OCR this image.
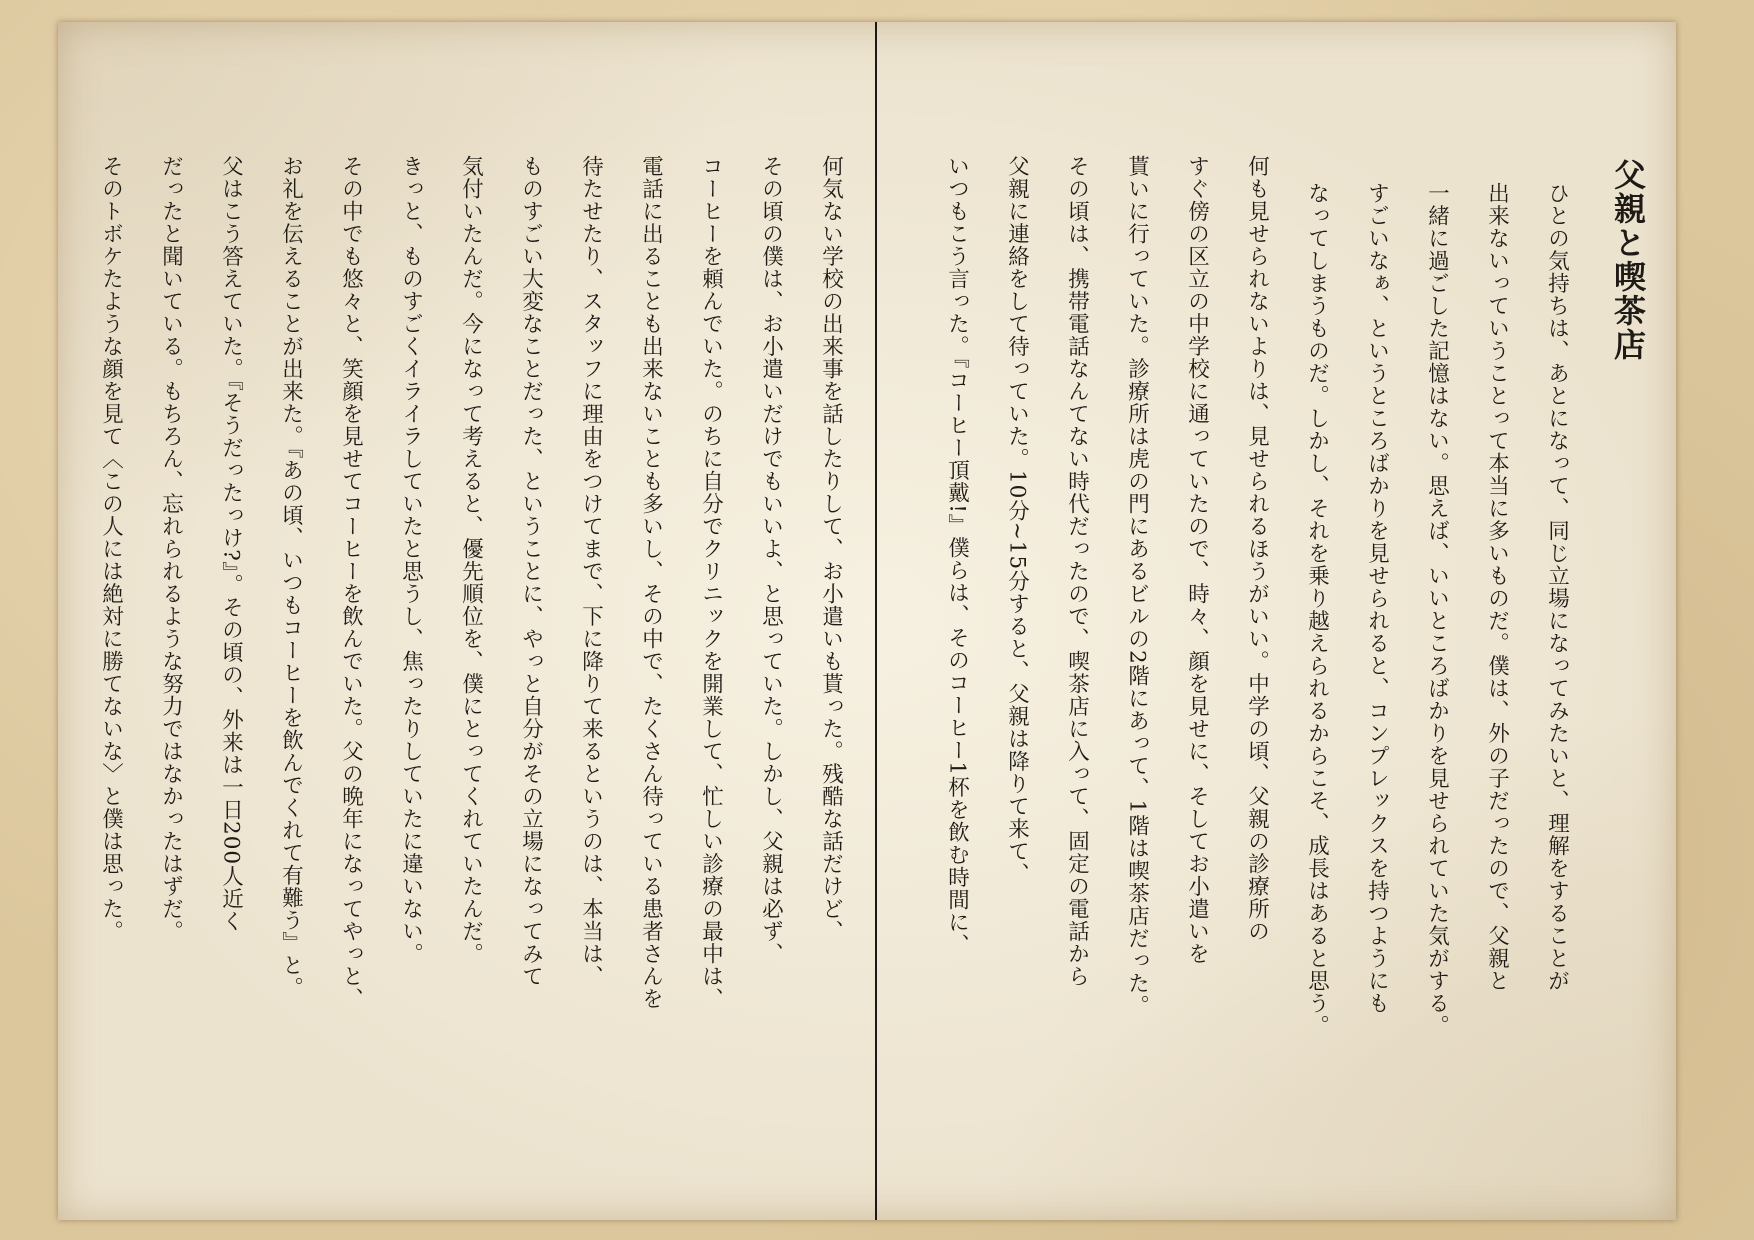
父親と喫茶店
ひとの気持ちは、あとになって、同じ立場になってみたいと、理解をすることが
出来ないっていうことって本当に多いものだ。僕は、外の子だったので、父親と
一緒に過ごした記憶はない。思えば、いいところばかりを見せられていた気がする。
すごいなぁ、というところばかりを見せられると、コンプレックスを持つようにも
なってしまうものだ。しかし、それを乗り越えられるからこそ、成長はあると思う。
何も見せられないよりは、見せられるほうがいい。中学の頃、父親の診療所の
すぐ傍の区立の中学校に通っていたので、時々、顔を見せに、そしてお小遣いを
貰いに行っていた。診療所は虎の門にあるビルの2階にあって、1階は喫茶店だった。
その頃は、携帯電話なんてない時代だったので、喫茶店に入って、固定の電話から
父親に連絡をして待っていた。10分~15分すると、父親は降りて来て、
いつもこう言った。『コーヒー頂戴!』僕らは、そのコーヒー1杯を飲む時間に、
何気ない学校の出来事を話したりして、お小遣いも貰った。残酷な話だけど、
その頃の僕は、お小遣いだけでもいいよ、と思っていた。しかし、父親は必ず、
コーヒーを頼んでいた。のちに自分でクリニックを開業して、忙しい診療の最中は、
電話に出ることも出来ないことも多いし、その中で、たくさん待っている患者さんを
待たせたり、スタッフに理由をつけてまで、下に降りて来るというのは、本当は、
ものすごい大変なことだった、ということに、やっと自分がその立場になってみて
気付いたんだ。今になって考えると、優先順位を、僕にとってくれていたんだ。
きっと、ものすごくイライラしていたと思うし、焦ったりしていたに違いない。
その中でも悠々と、笑顔を見せてコーヒーを飲んでいた。父の晩年になってやっと、
お礼を伝えることが出来た。『あの頃、いつもコーヒーを飲んでくれて有難う』と。
父はこう答えていた。『そうだったっけ?』。その頃の、外来は一日200人近く
だったと聞いている。もちろん、忘れられるような努力ではなかったはずだ。
そのトボケたような顔を見て〈この人には絶対に勝てないな〉と僕は思った。
